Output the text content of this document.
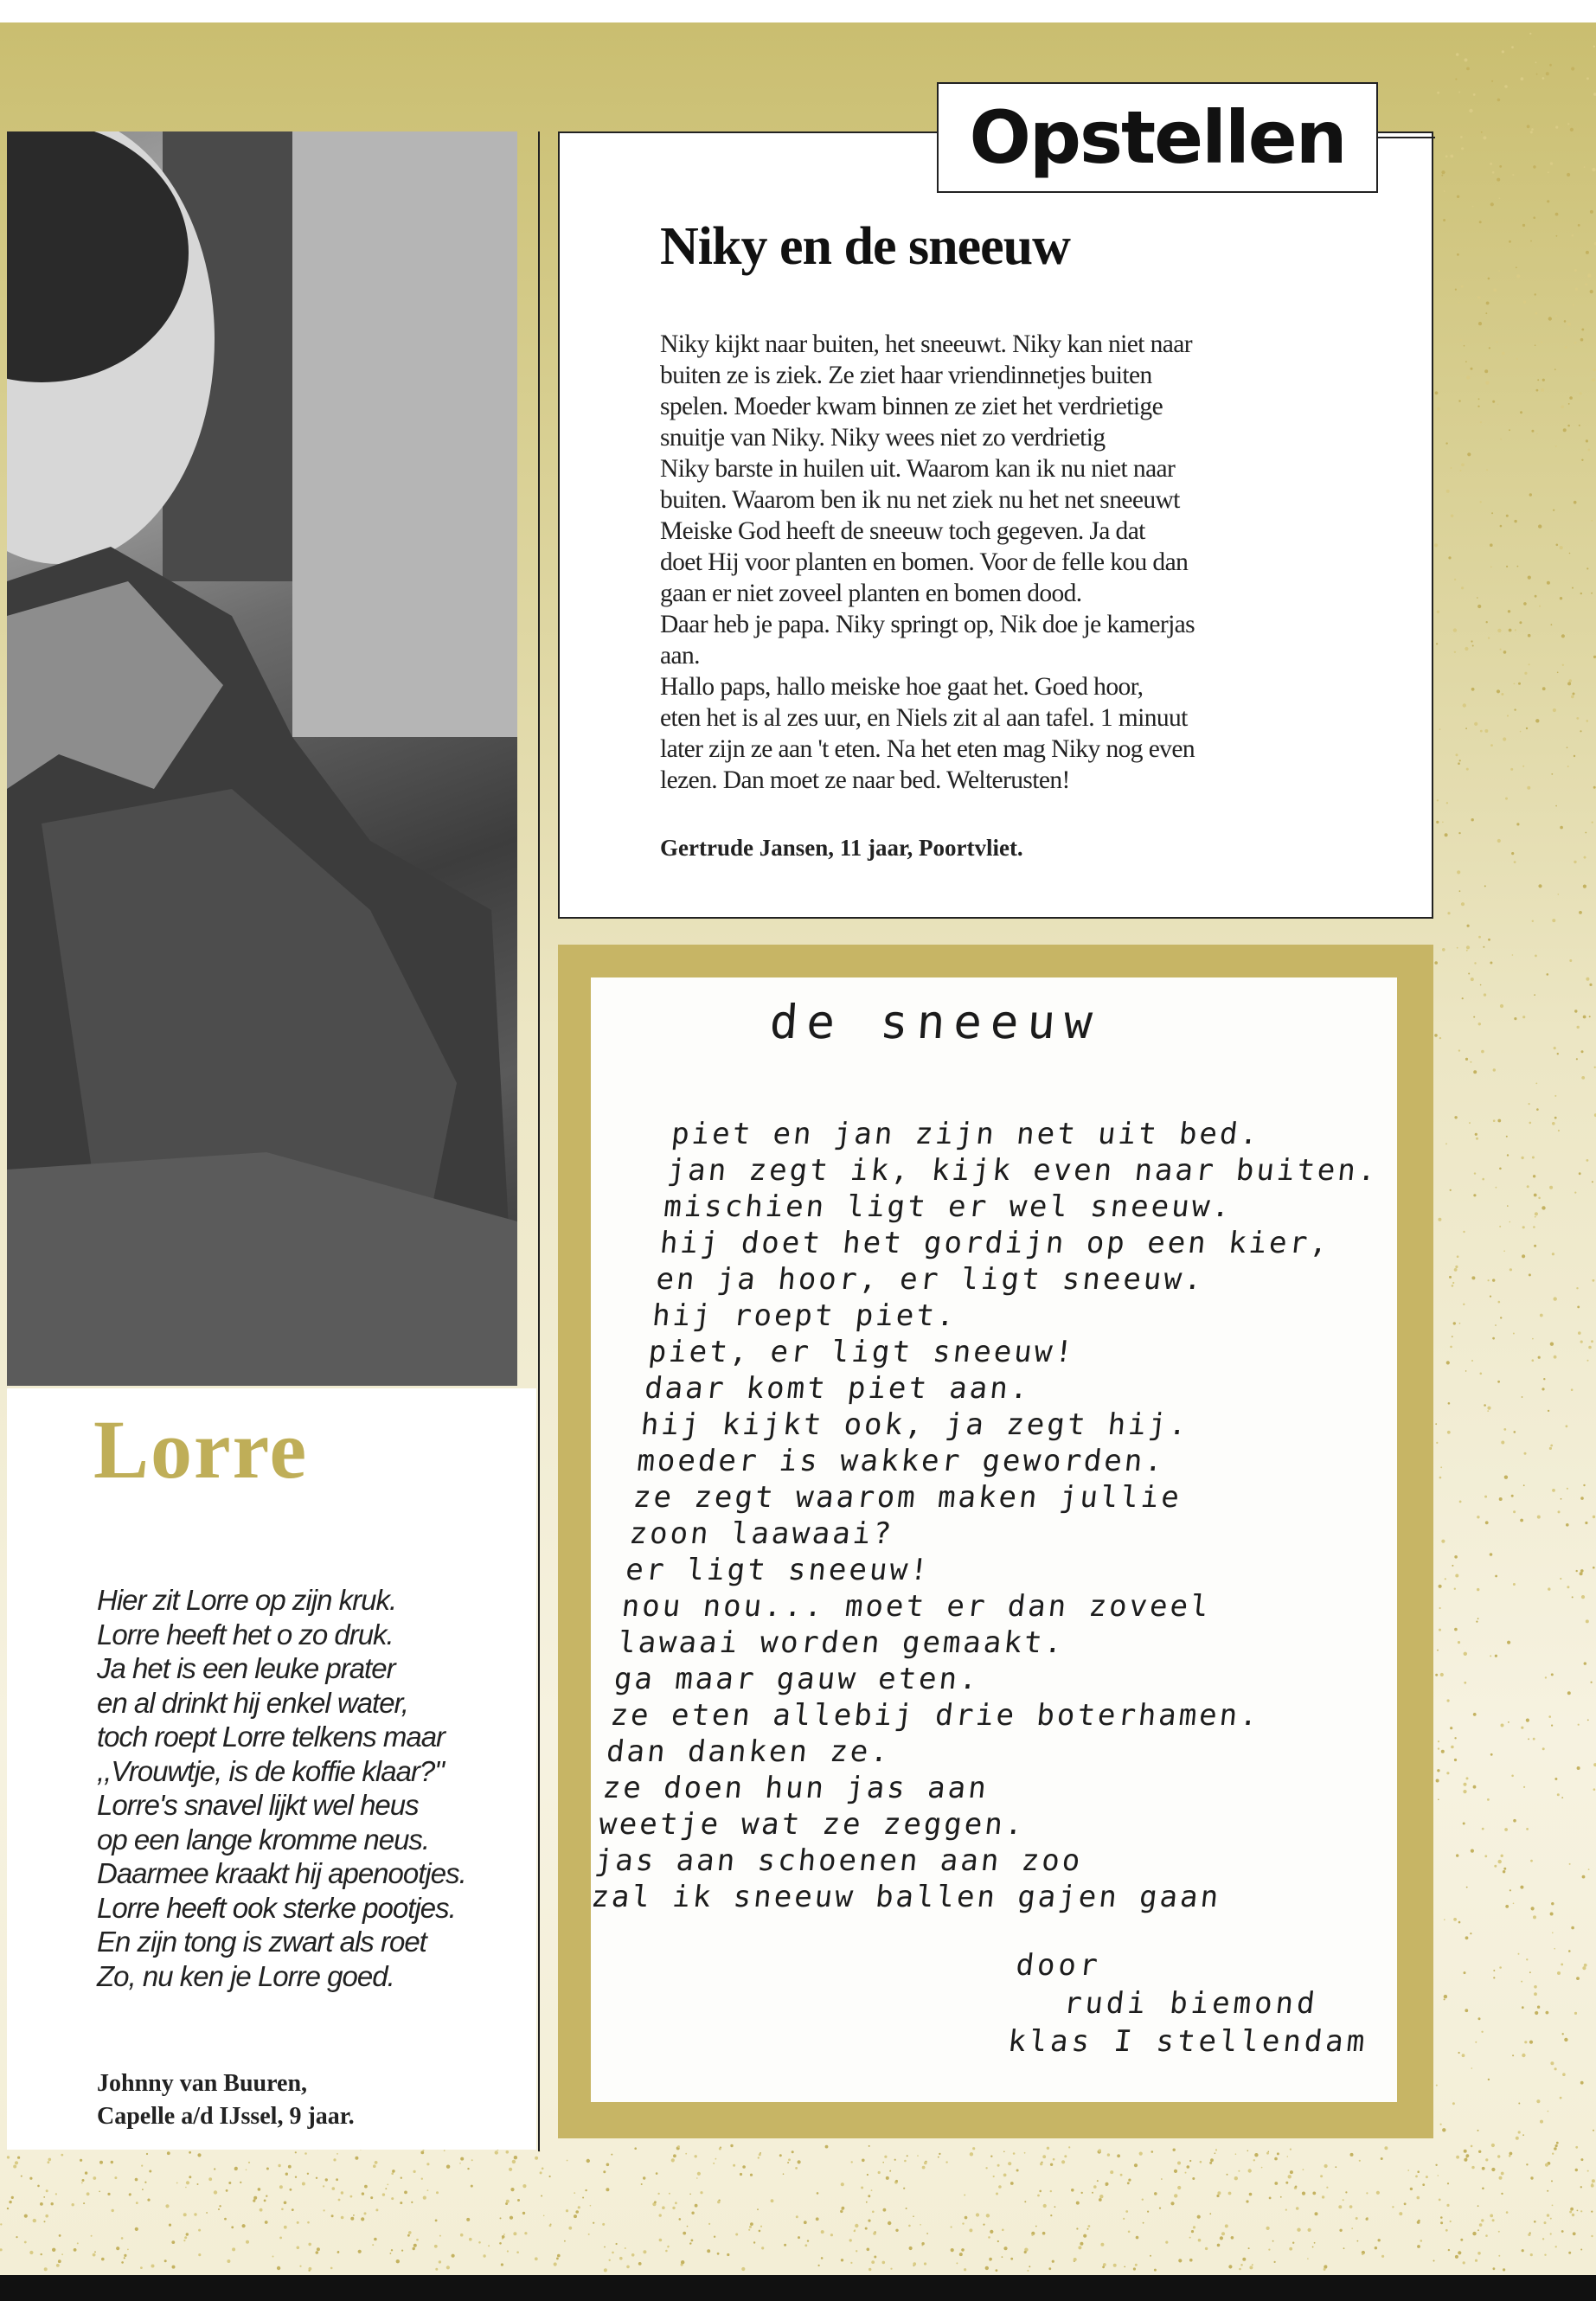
Lorre
Hier zit Lorre op zijn kruk.
Lorre heeft het o zo druk.
Ja het is een leuke prater
en al drinkt hij enkel water,
toch roept Lorre telkens maar
,,Vrouwtje, is de koffie klaar?"
Lorre's snavel lijkt wel heus
op een lange kromme neus.
Daarmee kraakt hij apenootjes.
Lorre heeft ook sterke pootjes.
En zijn tong is zwart als roet
Zo, nu ken je Lorre goed.
Johnny van Buuren,
Capelle a/d IJssel, 9 jaar.
Opstellen
Niky en de sneeuw
Niky kijkt naar buiten, het sneeuwt. Niky kan niet naar
buiten ze is ziek. Ze ziet haar vriendinnetjes buiten
spelen. Moeder kwam binnen ze ziet het verdrietige
snuitje van Niky. Niky wees niet zo verdrietig
Niky barste in huilen uit. Waarom kan ik nu niet naar
buiten. Waarom ben ik nu net ziek nu het net sneeuwt
Meiske God heeft de sneeuw toch gegeven. Ja dat
doet Hij voor planten en bomen. Voor de felle kou dan
gaan er niet zoveel planten en bomen dood.
Daar heb je papa. Niky springt op, Nik doe je kamerjas
aan.
Hallo paps, hallo meiske hoe gaat het. Goed hoor,
eten het is al zes uur, en Niels zit al aan tafel. 1 minuut
later zijn ze aan 't eten. Na het eten mag Niky nog even
lezen. Dan moet ze naar bed. Welterusten!
Gertrude Jansen, 11 jaar, Poortvliet.
de sneeuw
piet en jan zijn net uit bed.
jan zegt ik, kijk even naar buiten.
mischien ligt er wel sneeuw.
hij doet het gordijn op een kier,
en ja hoor, er ligt sneeuw.
hij roept piet.
piet, er ligt sneeuw!
daar komt piet aan.
hij kijkt ook, ja zegt hij.
moeder is wakker geworden.
ze zegt waarom maken jullie
zoon laawaai?
er ligt sneeuw!
nou nou... moet er dan zoveel
lawaai worden gemaakt.
ga maar gauw eten.
ze eten allebij drie boterhamen.
dan danken ze.
ze doen hun jas aan
weetje wat ze zeggen.
jas aan schoenen aan zoo
zal ik sneeuw ballen gajen gaan
door
rudi biemond
klas I stellendam
